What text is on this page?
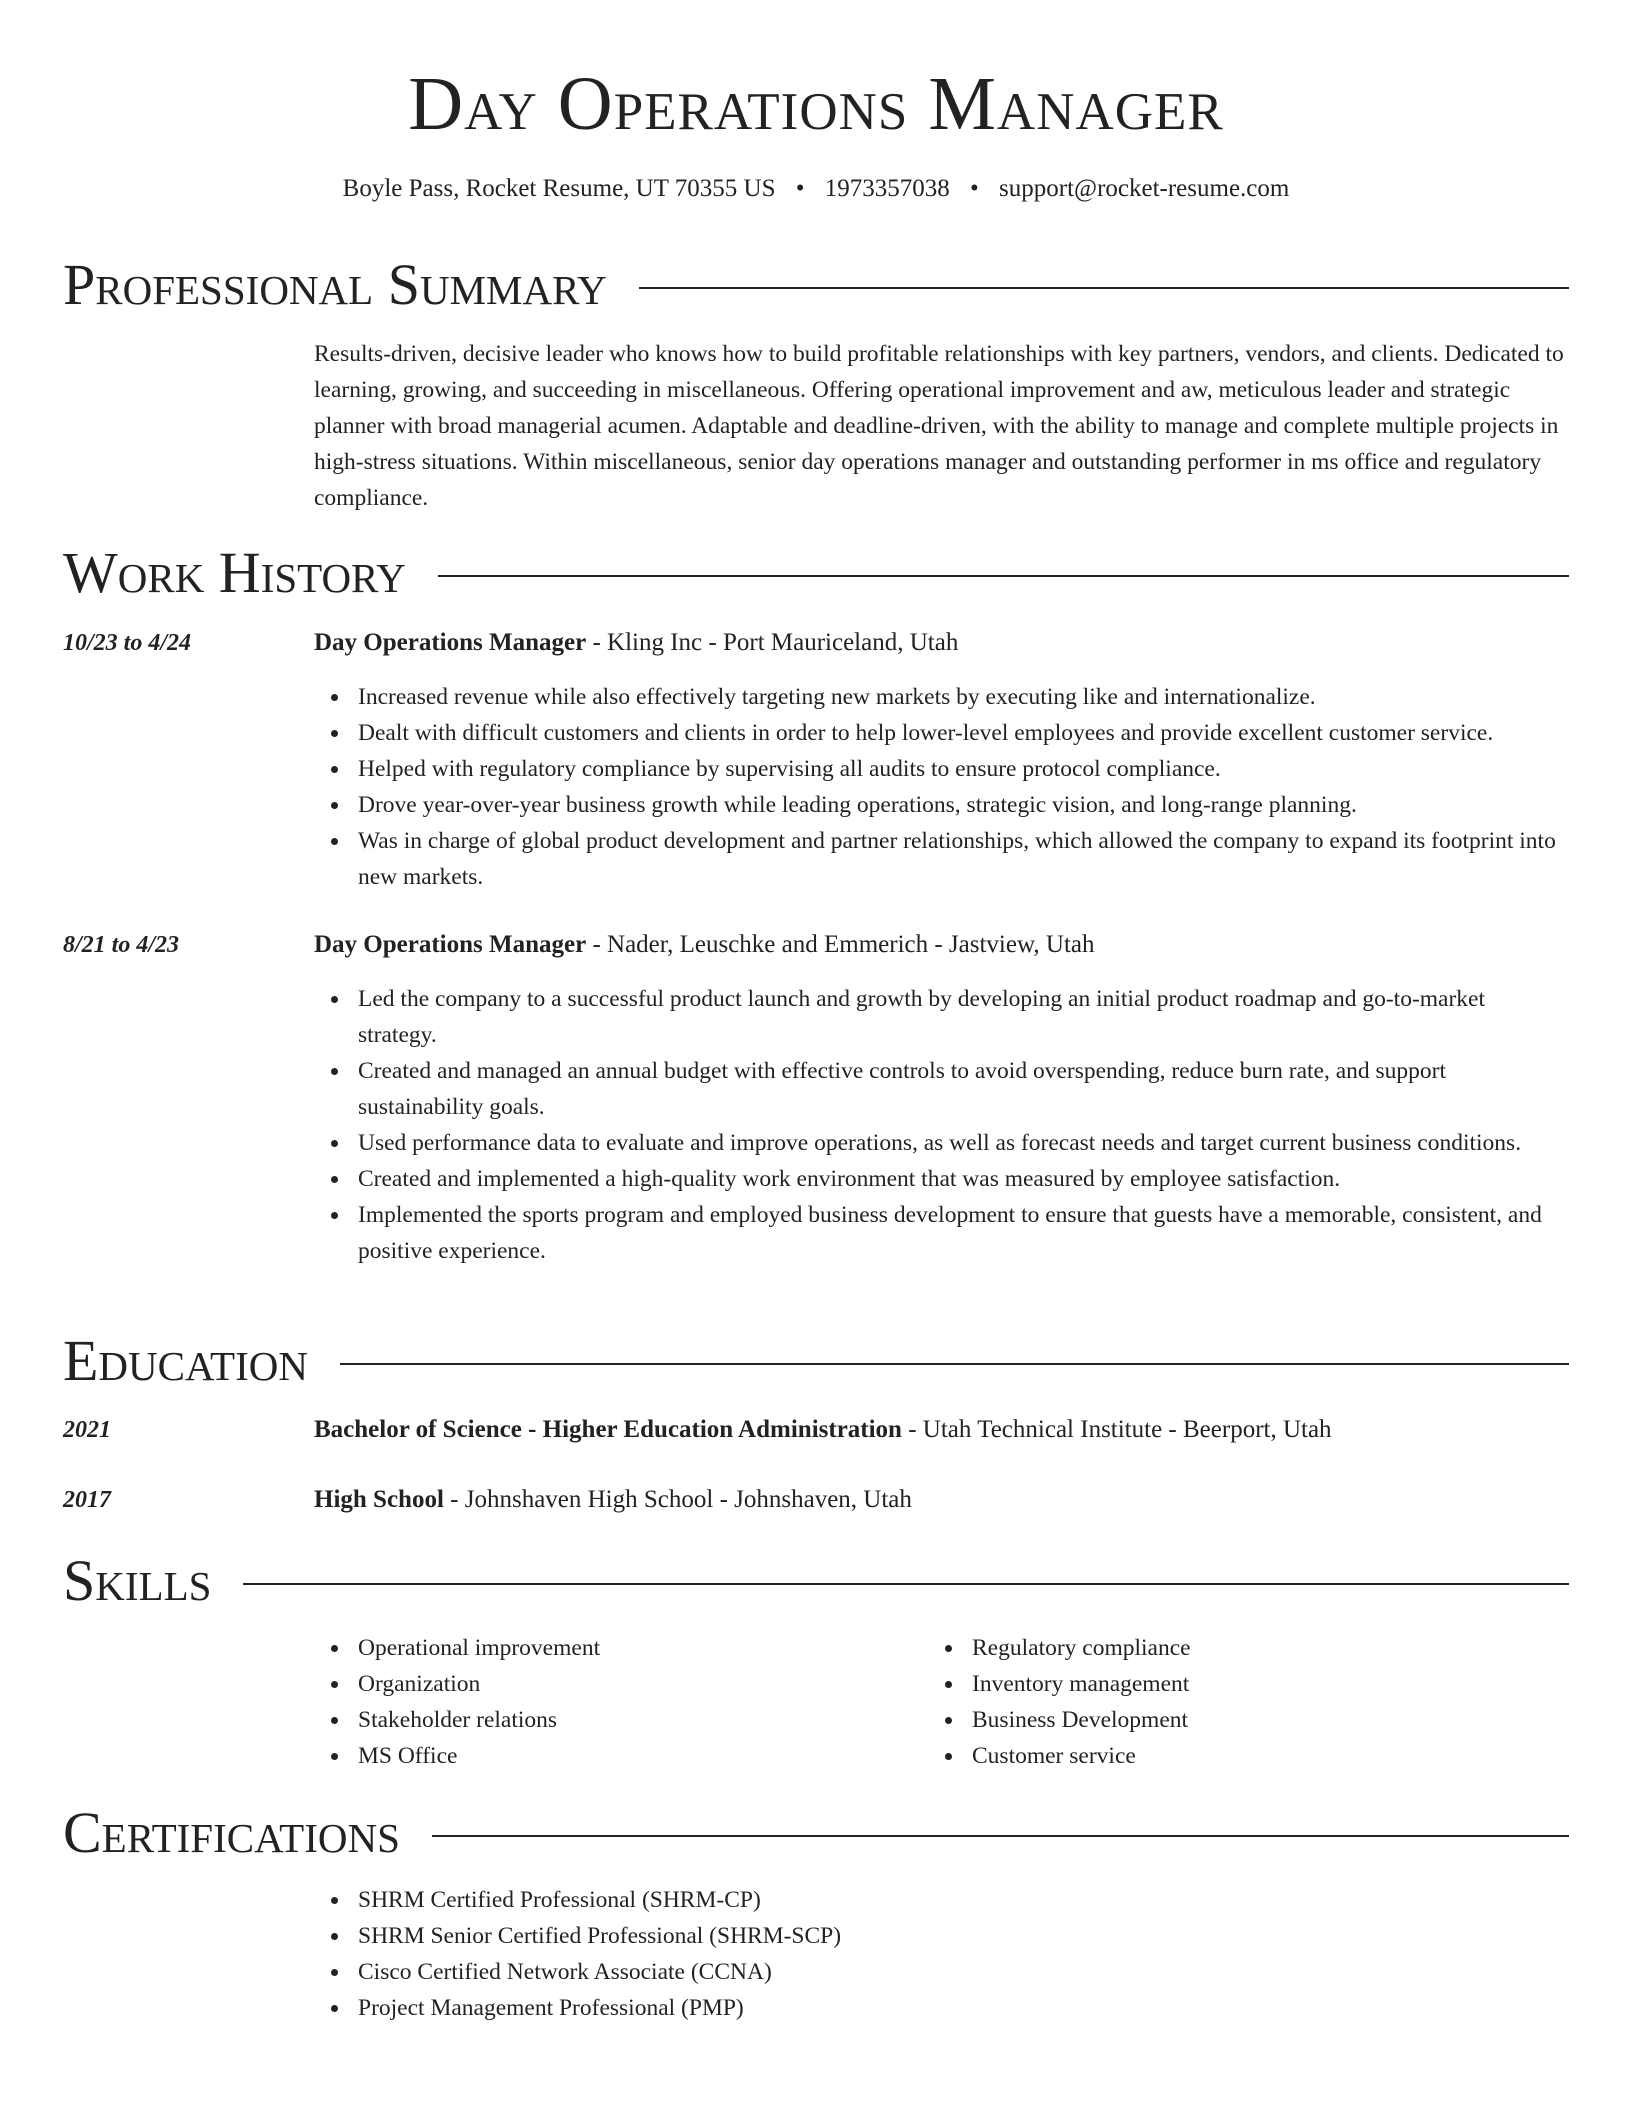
Day Operations Manager
Boyle Pass, Rocket Resume, UT 70355 US • 1973357038 • support@rocket-resume.com
Professional Summary

Results-driven, decisive leader who knows how to build profitable relationships with key partners, vendors, and clients. Dedicated to learning, growing, and succeeding in miscellaneous. Offering operational improvement and aw, meticulous leader and strategic planner with broad managerial acumen. Adaptable and deadline-driven, with the ability to manage and complete multiple projects in high-stress situations. Within miscellaneous, senior day operations manager and outstanding performer in ms office and regulatory compliance.

Work History
10/23 to 4/24	Day Operations Manager - Kling Inc - Port Mauriceland, Utah
Increased revenue while also effectively targeting new markets by executing like and internationalize.
Dealt with difficult customers and clients in order to help lower-level employees and provide excellent customer service.
Helped with regulatory compliance by supervising all audits to ensure protocol compliance.
Drove year-over-year business growth while leading operations, strategic vision, and long-range planning.
Was in charge of global product development and partner relationships, which allowed the company to expand its footprint into new markets.
8/21 to 4/23	Day Operations Manager - Nader, Leuschke and Emmerich - Jastview, Utah
Led the company to a successful product launch and growth by developing an initial product roadmap and go-to-market strategy.
Created and managed an annual budget with effective controls to avoid overspending, reduce burn rate, and support sustainability goals.
Used performance data to evaluate and improve operations, as well as forecast needs and target current business conditions.
Created and implemented a high-quality work environment that was measured by employee satisfaction.
Implemented the sports program and employed business development to ensure that guests have a memorable, consistent, and positive experience.
Education
2021	Bachelor of Science - Higher Education Administration - Utah Technical Institute - Beerport, Utah
2017	High School - Johnshaven High School - Johnshaven, Utah
Skills
Operational improvement
Organization
Stakeholder relations
MS Office
Regulatory compliance
Inventory management
Business Development
Customer service
Certifications
SHRM Certified Professional (SHRM-CP)
SHRM Senior Certified Professional (SHRM-SCP)
Cisco Certified Network Associate (CCNA)
Project Management Professional (PMP)
